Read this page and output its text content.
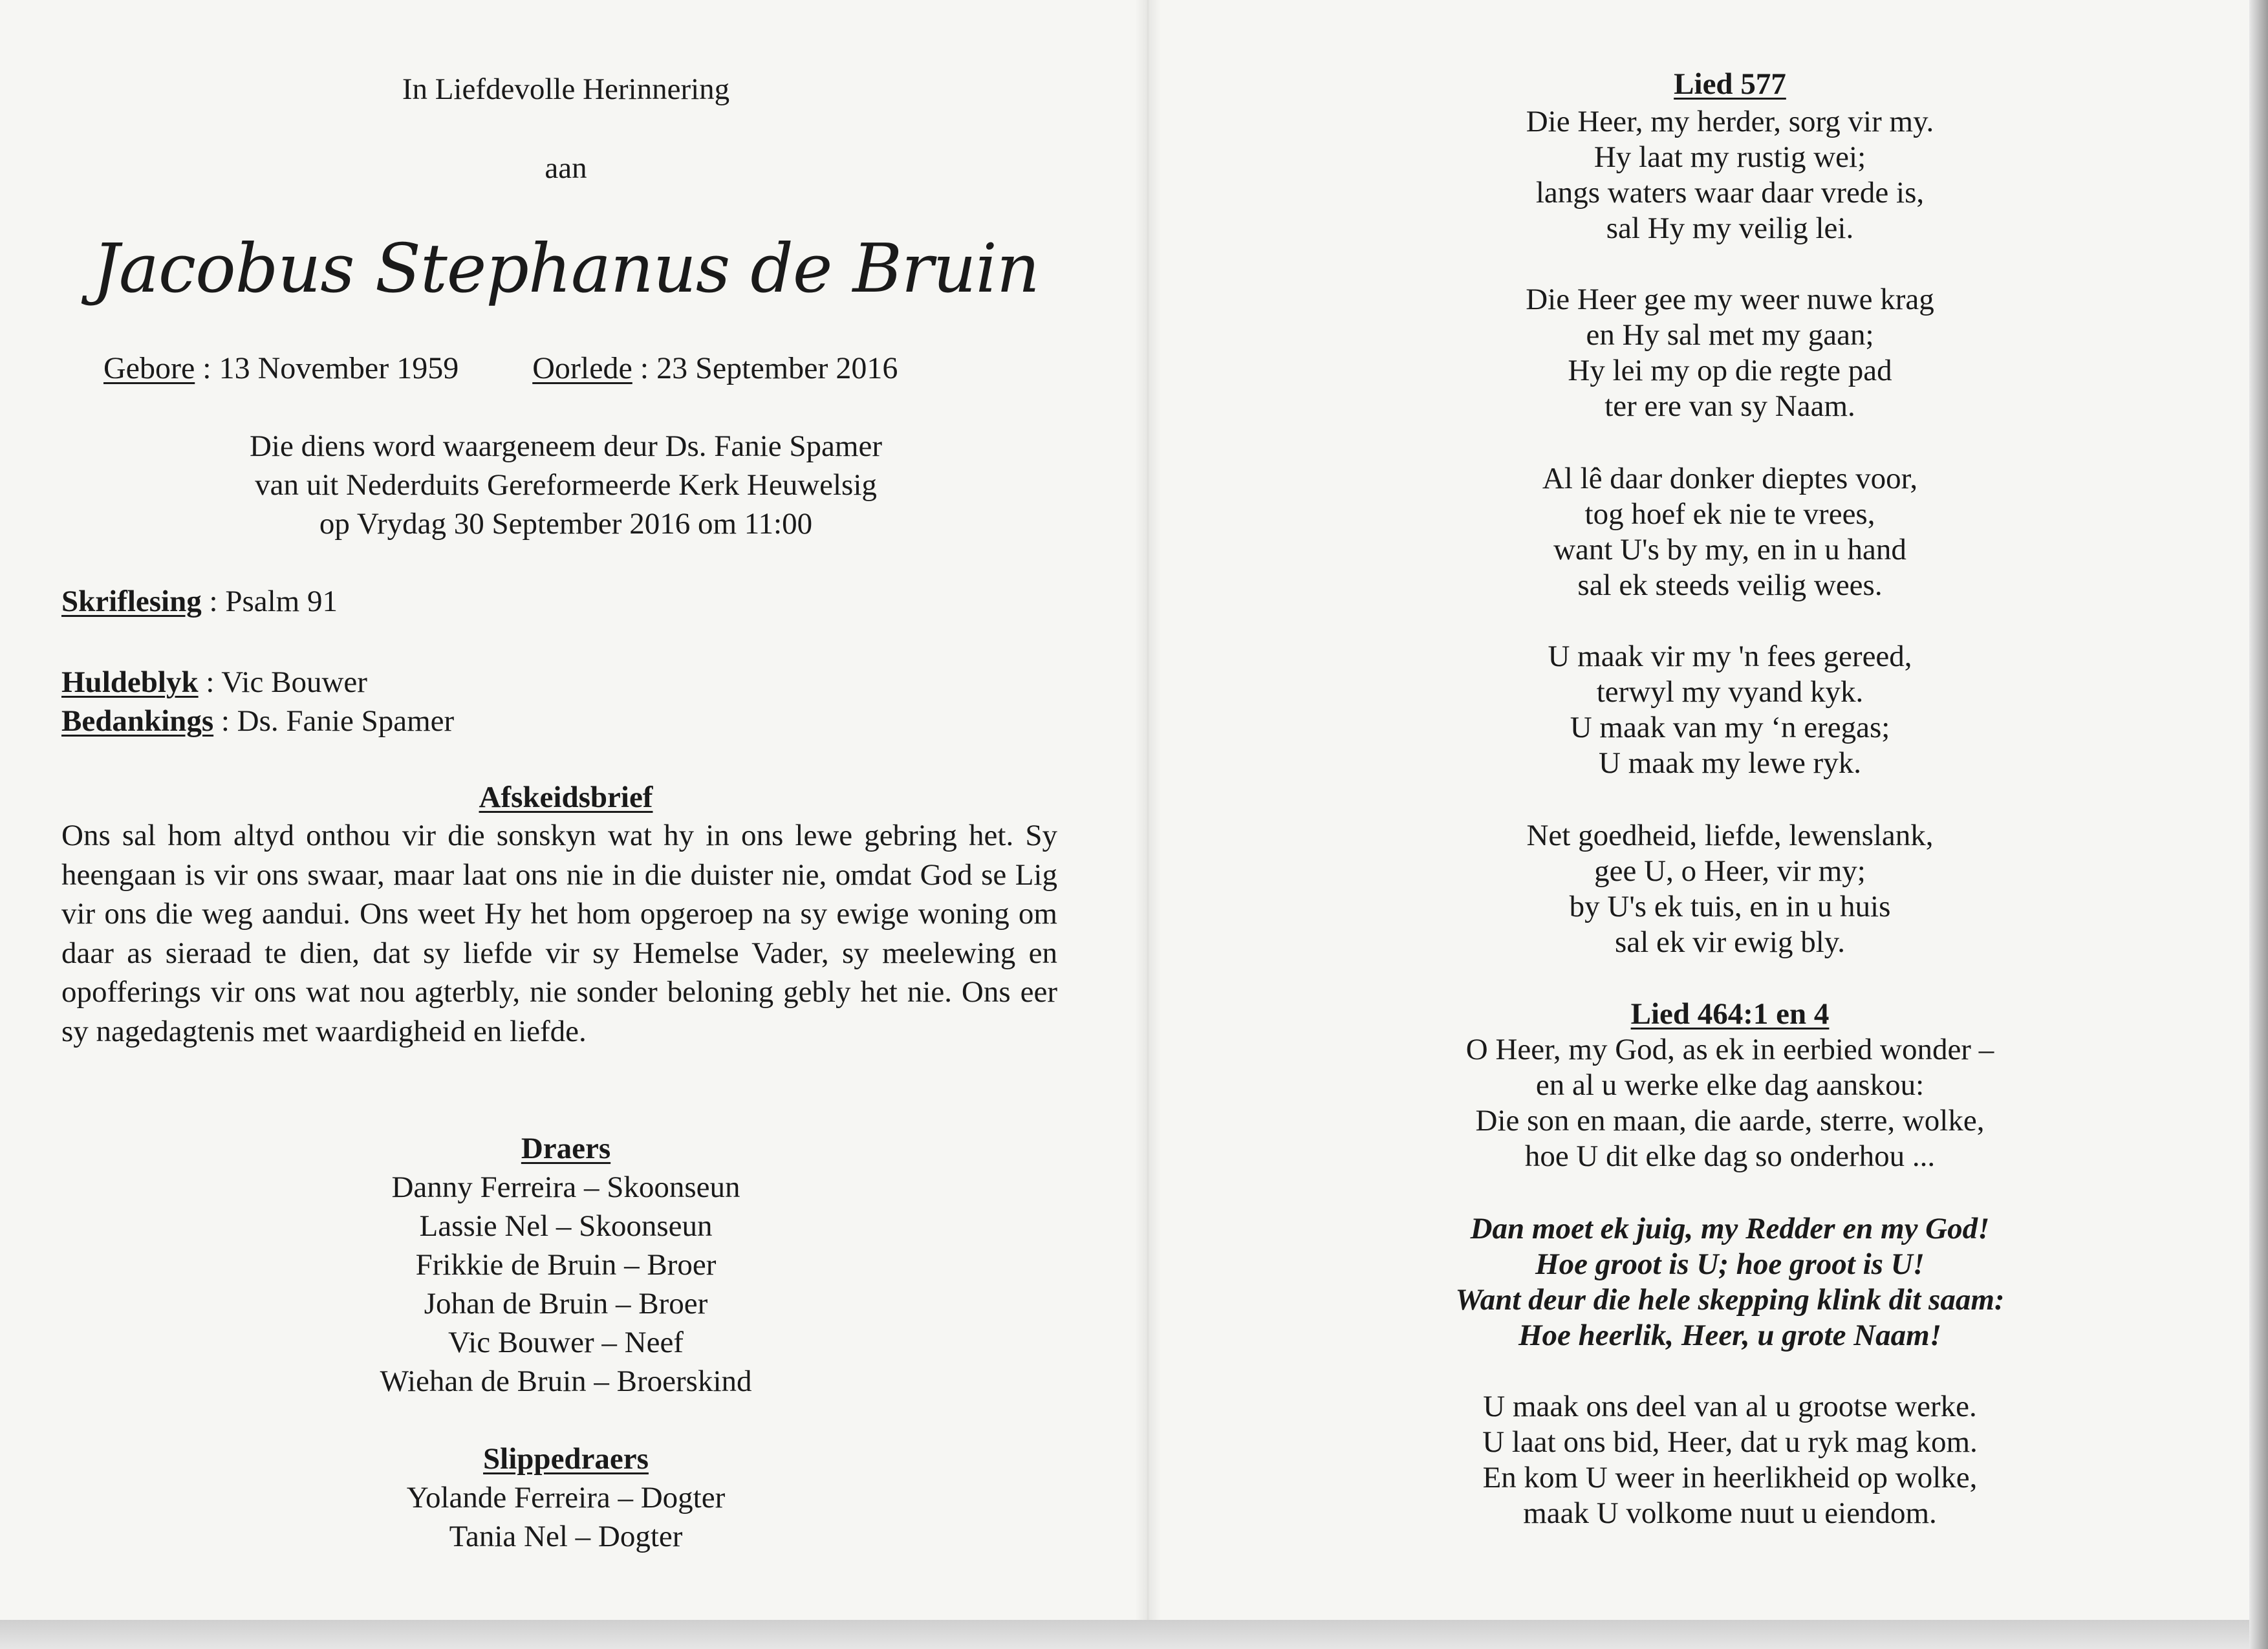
In Liefdevolle Herinnering
aan
Jacobus Stephanus de Bruin
Gebore : 13 November 1959 Oorlede : 23 September 2016
Die diens word waargeneem deur Ds. Fanie Spamer
van uit Nederduits Gereformeerde Kerk Heuwelsig
op Vrydag 30 September 2016 om 11:00
Skriflesing : Psalm 91
Huldeblyk : Vic Bouwer
Bedankings : Ds. Fanie Spamer
Afskeidsbrief
Ons sal hom altyd onthou vir die sonskyn wat hy in ons lewe gebring het. Sy heengaan is vir ons swaar, maar laat ons nie in die duister nie, omdat God se Lig vir ons die weg aandui. Ons weet Hy het hom opgeroep na sy ewige woning om daar as sieraad te dien, dat sy liefde vir sy Hemelse Vader, sy meelewing en opofferings vir ons wat nou agterbly, nie sonder beloning gebly het nie. Ons eer sy nagedagtenis met waardigheid en liefde.
Draers
Danny Ferreira – Skoonseun
Lassie Nel – Skoonseun
Frikkie de Bruin – Broer
Johan de Bruin – Broer
Vic Bouwer – Neef
Wiehan de Bruin – Broerskind
Slippedraers
Yolande Ferreira – Dogter
Tania Nel – Dogter
Lied 577
Die Heer, my herder, sorg vir my.
Hy laat my rustig wei;
langs waters waar daar vrede is,
sal Hy my veilig lei.
Die Heer gee my weer nuwe krag
en Hy sal met my gaan;
Hy lei my op die regte pad
ter ere van sy Naam.
Al lê daar donker dieptes voor,
tog hoef ek nie te vrees,
want U's by my, en in u hand
sal ek steeds veilig wees.
U maak vir my 'n fees gereed,
terwyl my vyand kyk.
U maak van my ‘n eregas;
U maak my lewe ryk.
Net goedheid, liefde, lewenslank,
gee U, o Heer, vir my;
by U's ek tuis, en in u huis
sal ek vir ewig bly.
Lied 464:1 en 4
O Heer, my God, as ek in eerbied wonder –
en al u werke elke dag aanskou:
Die son en maan, die aarde, sterre, wolke,
hoe U dit elke dag so onderhou ...
Dan moet ek juig, my Redder en my God!
Hoe groot is U; hoe groot is U!
Want deur die hele skepping klink dit saam:
Hoe heerlik, Heer, u grote Naam!
U maak ons deel van al u grootse werke.
U laat ons bid, Heer, dat u ryk mag kom.
En kom U weer in heerlikheid op wolke,
maak U volkome nuut u eiendom.
